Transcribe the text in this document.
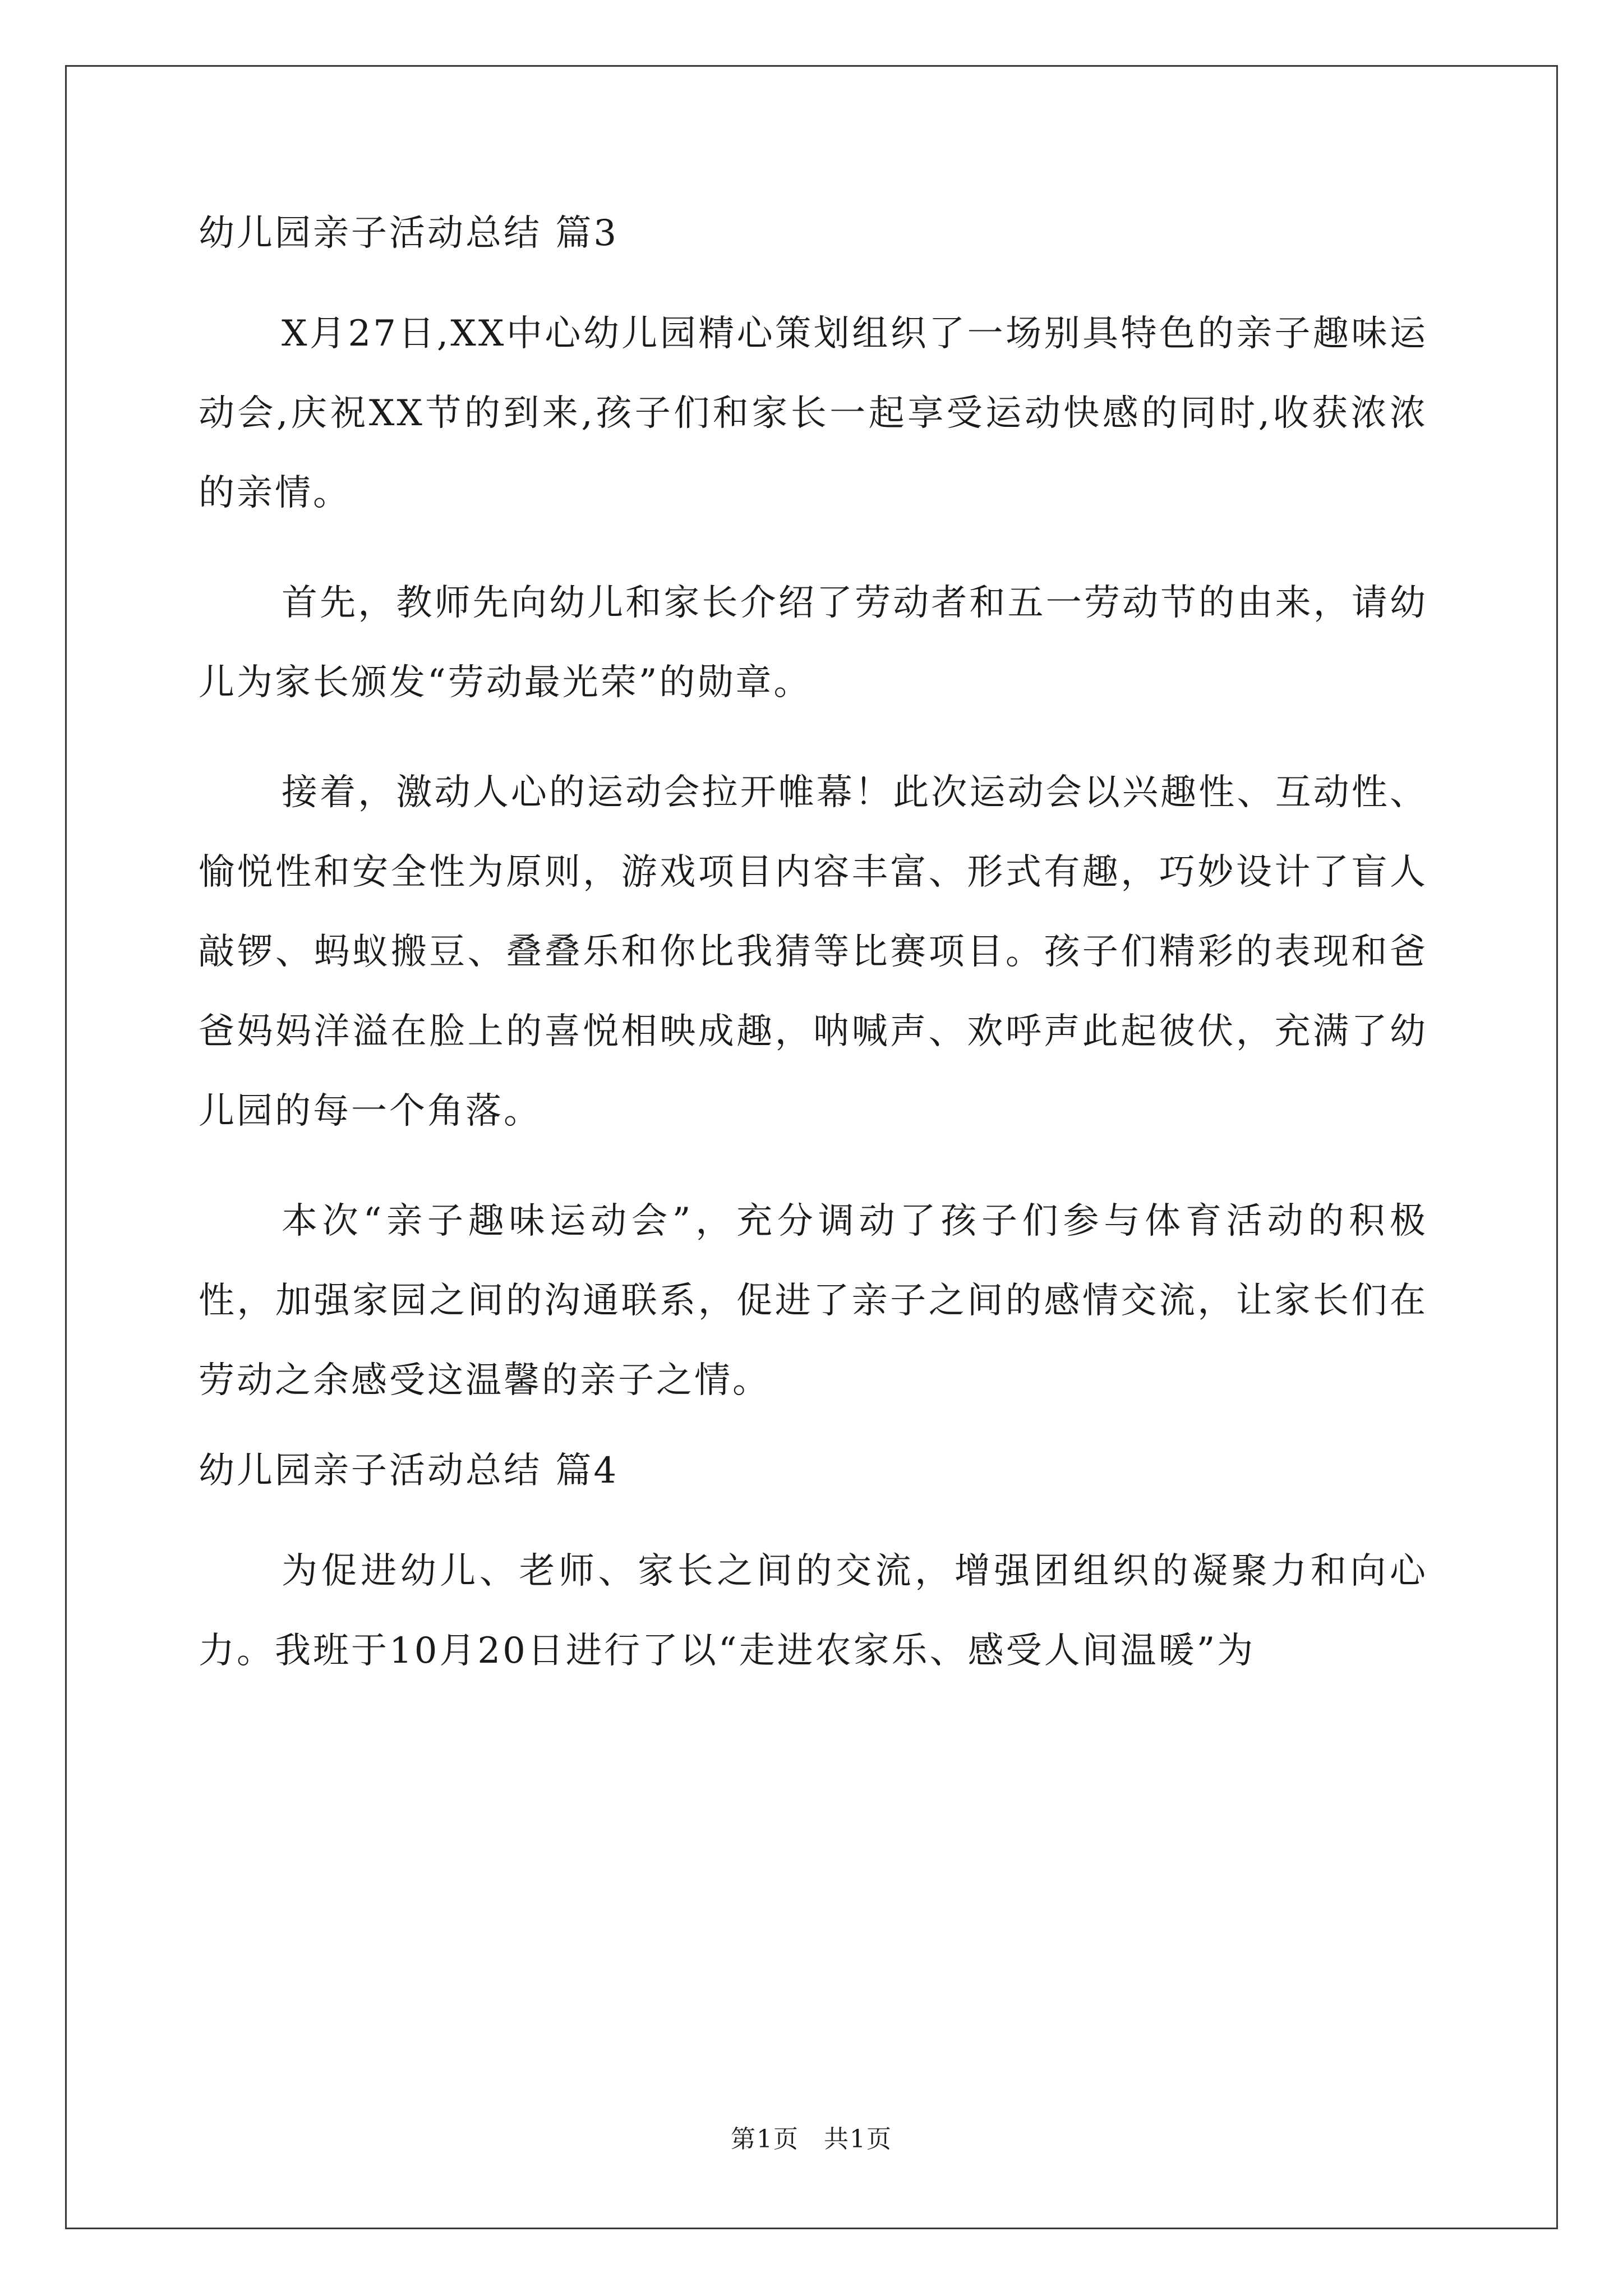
幼儿园亲子活动总结 篇3

X月27日,XX中心幼儿园精心策划组织了一场别具特色的亲子趣味运动会,庆祝XX节的到来,孩子们和家长一起享受运动快感的同时,收获浓浓的亲情。

首先，教师先向幼儿和家长介绍了劳动者和五一劳动节的由来，请幼儿为家长颁发“劳动最光荣”的勋章。

接着，激动人心的运动会拉开帷幕！此次运动会以兴趣性、互动性、愉悦性和安全性为原则，游戏项目内容丰富、形式有趣，巧妙设计了盲人敲锣、蚂蚁搬豆、叠叠乐和你比我猜等比赛项目。孩子们精彩的表现和爸爸妈妈洋溢在脸上的喜悦相映成趣，呐喊声、欢呼声此起彼伏，充满了幼儿园的每一个角落。

本次“亲子趣味运动会”，充分调动了孩子们参与体育活动的积极性，加强家园之间的沟通联系，促进了亲子之间的感情交流，让家长们在劳动之余感受这温馨的亲子之情。

幼儿园亲子活动总结 篇4

为促进幼儿、老师、家长之间的交流，增强团组织的凝聚力和向心力。我班于10月20日进行了以“走进农家乐、感受人间温暖”为

第1页 共1页
